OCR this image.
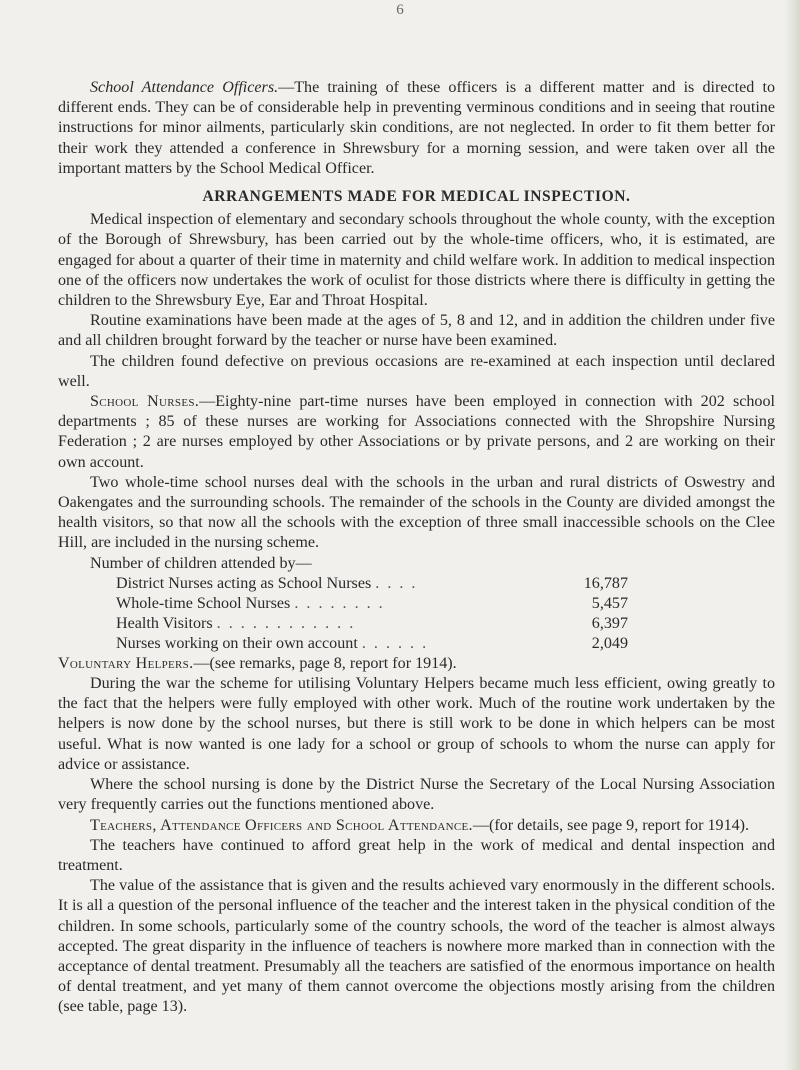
6

School Attendance Officers.—The training of these officers is a different matter and is directed to different ends. They can be of considerable help in preventing verminous conditions and in seeing that routine instructions for minor ailments, particularly skin conditions, are not neglected. In order to fit them better for their work they attended a conference in Shrewsbury for a morning session, and were taken over all the important matters by the School Medical Officer.

ARRANGEMENTS MADE FOR MEDICAL INSPECTION.

Medical inspection of elementary and secondary schools throughout the whole county, with the exception of the Borough of Shrewsbury, has been carried out by the whole-time officers, who, it is estimated, are engaged for about a quarter of their time in maternity and child welfare work. In addition to medical inspection one of the officers now undertakes the work of oculist for those districts where there is difficulty in getting the children to the Shrewsbury Eye, Ear and Throat Hospital.

Routine examinations have been made at the ages of 5, 8 and 12, and in addition the children under five and all children brought forward by the teacher or nurse have been examined.

The children found defective on previous occasions are re-examined at each inspection until declared well.

School Nurses.—Eighty-nine part-time nurses have been employed in connection with 202 school departments ; 85 of these nurses are working for Associations connected with the Shropshire Nursing Federation ; 2 are nurses employed by other Associations or by private persons, and 2 are working on their own account.

Two whole-time school nurses deal with the schools in the urban and rural districts of Oswestry and Oakengates and the surrounding schools. The remainder of the schools in the County are divided amongst the health visitors, so that now all the schools with the exception of three small inaccessible schools on the Clee Hill, are included in the nursing scheme.

Number of children attended by—
District Nurses acting as School Nurses . . . .	16,787
Whole-time School Nurses . . . . . . . .	5,457
Health Visitors . . . . . . . . . . . .	6,397
Nurses working on their own account . . . . . .	2,049

Voluntary Helpers.—(see remarks, page 8, report for 1914).

During the war the scheme for utilising Voluntary Helpers became much less efficient, owing greatly to the fact that the helpers were fully employed with other work. Much of the routine work undertaken by the helpers is now done by the school nurses, but there is still work to be done in which helpers can be most useful. What is now wanted is one lady for a school or group of schools to whom the nurse can apply for advice or assistance.

Where the school nursing is done by the District Nurse the Secretary of the Local Nursing Association very frequently carries out the functions mentioned above.

Teachers, Attendance Officers and School Attendance.—(for details, see page 9, report for 1914).

The teachers have continued to afford great help in the work of medical and dental inspection and treatment.

The value of the assistance that is given and the results achieved vary enormously in the different schools. It is all a question of the personal influence of the teacher and the interest taken in the physical condition of the children. In some schools, particularly some of the country schools, the word of the teacher is almost always accepted. The great disparity in the influence of teachers is nowhere more marked than in connection with the acceptance of dental treatment. Presumably all the teachers are satisfied of the enormous importance on health of dental treatment, and yet many of them cannot overcome the objections mostly arising from the children (see table, page 13).
